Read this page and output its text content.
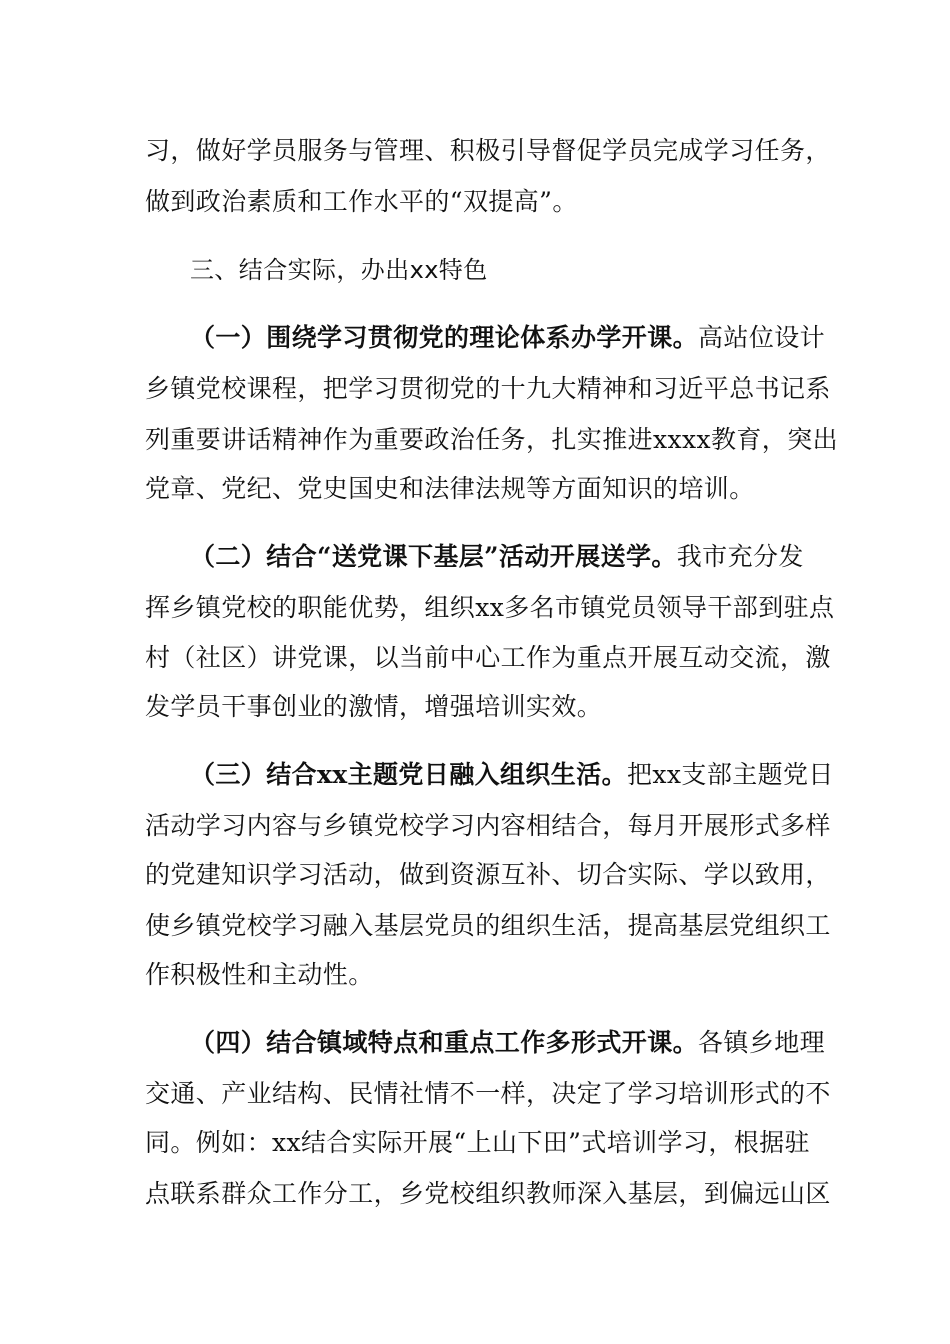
习，做好学员服务与管理、积极引导督促学员完成学习任务，
做到政治素质和工作水平的“双提高”。
三、结合实际，办出xx特色
（一）围绕学习贯彻党的理论体系办学开课。高站位设计
乡镇党校课程，把学习贯彻党的十九大精神和习近平总书记系
列重要讲话精神作为重要政治任务，扎实推进xxxx教育，突出
党章、党纪、党史国史和法律法规等方面知识的培训。
（二）结合“送党课下基层”活动开展送学。我市充分发
挥乡镇党校的职能优势，组织xx多名市镇党员领导干部到驻点
村（社区）讲党课，以当前中心工作为重点开展互动交流，激
发学员干事创业的激情，增强培训实效。
（三）结合xx主题党日融入组织生活。把xx支部主题党日
活动学习内容与乡镇党校学习内容相结合，每月开展形式多样
的党建知识学习活动，做到资源互补、切合实际、学以致用，
使乡镇党校学习融入基层党员的组织生活，提高基层党组织工
作积极性和主动性。
（四）结合镇域特点和重点工作多形式开课。各镇乡地理
交通、产业结构、民情社情不一样，决定了学习培训形式的不
同。例如：xx结合实际开展“上山下田”式培训学习，根据驻
点联系群众工作分工，乡党校组织教师深入基层，到偏远山区
